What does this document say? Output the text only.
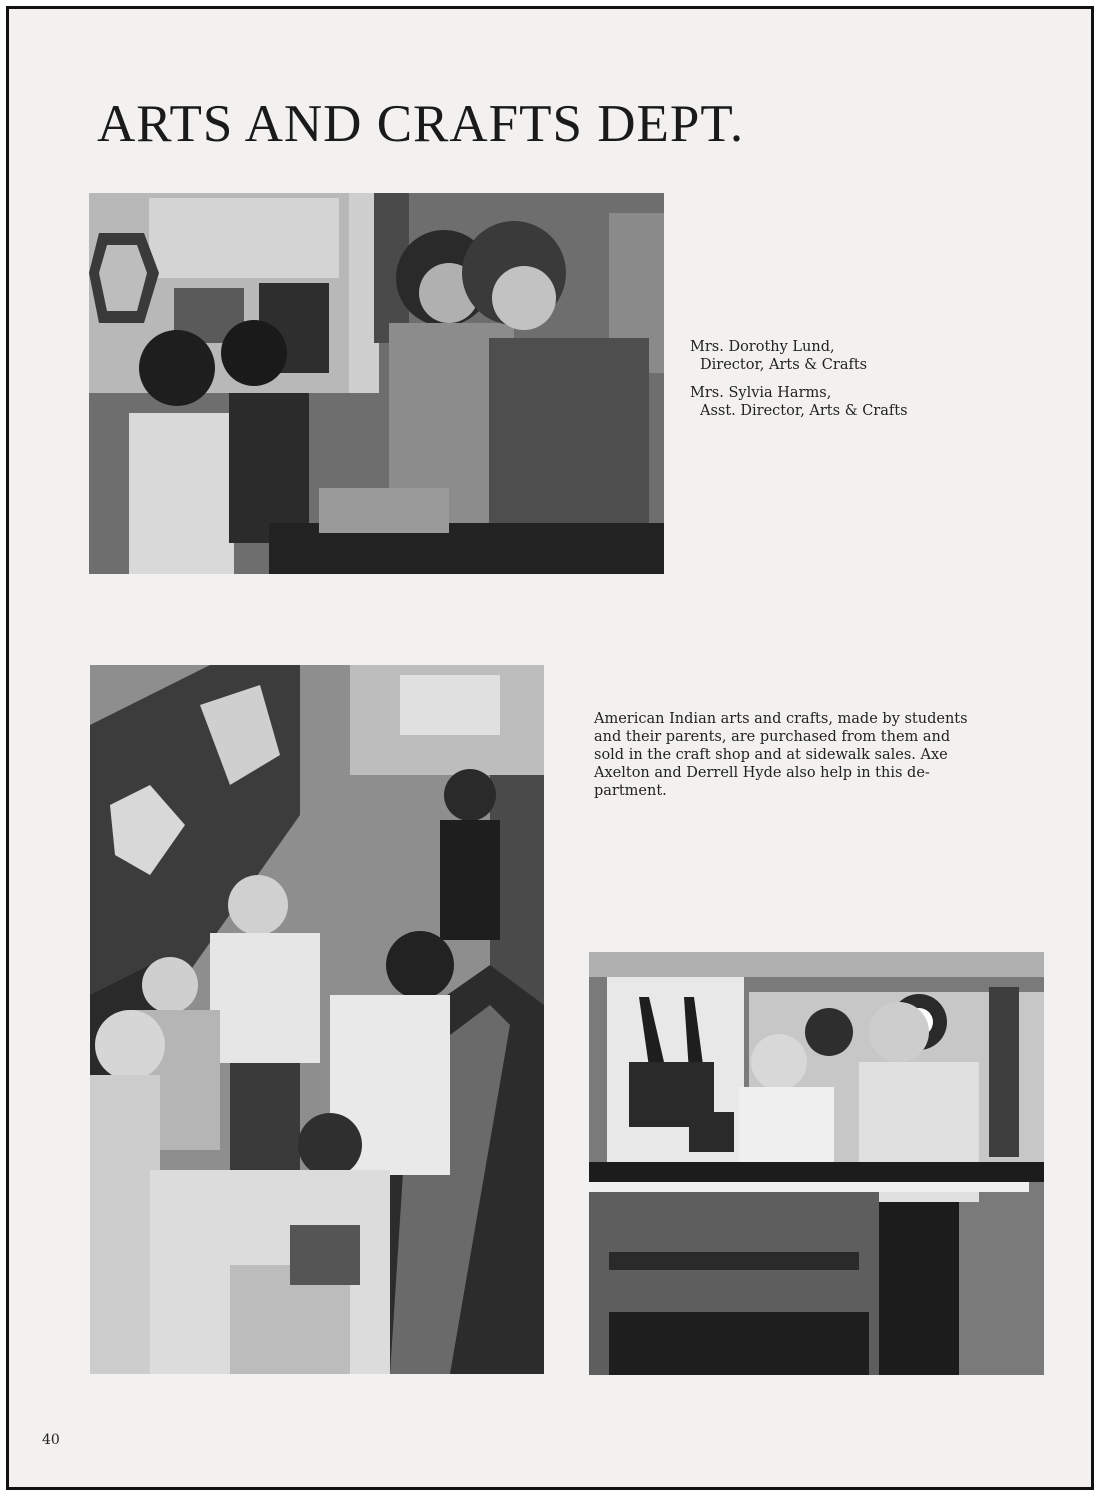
ARTS AND CRAFTS DEPT.
Mrs. Dorothy Lund,
Director, Arts & Crafts
Mrs. Sylvia Harms,
Asst. Director, Arts & Crafts

American Indian arts and crafts, made by students
and their parents, are purchased from them and
sold in the craft shop and at sidewalk sales. Axe
Axelton and Derrell Hyde also help in this de-
partment.

40
